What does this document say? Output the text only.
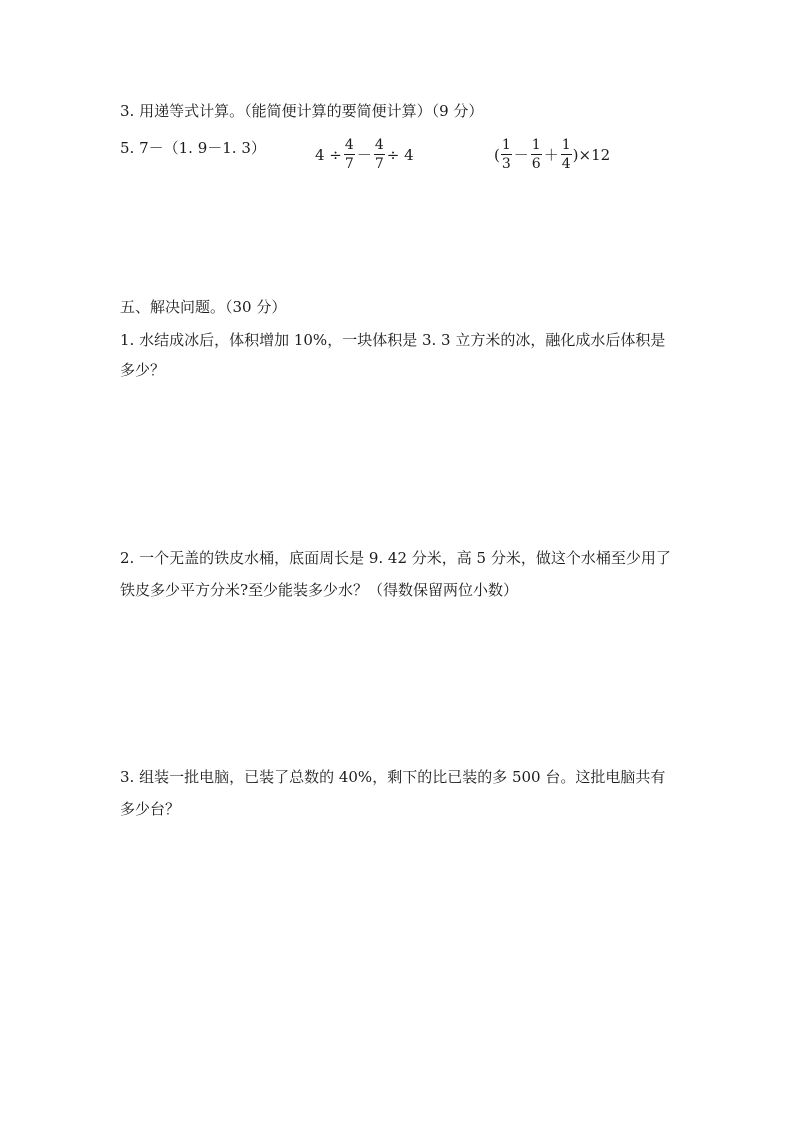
3. 用递等式计算。（能简便计算的要简便计算）（9 分）
5. 7－（1. 9－1. 3）	$4 \div \frac{4}{7} - \frac{4}{7} \div 4$	( $\frac{1}{3} - \frac{1}{6} + \frac{1}{4} )\times 12$
五、解决问题。（30 分）
1. 水结成冰后，体积增加 10%，一块体积是 3. 3 立方米的冰，融化成水后体积是
多少？
2. 一个无盖的铁皮水桶，底面周长是 9. 42 分米，高 5 分米，做这个水桶至少用了
铁皮多少平方分米?至少能装多少水？（得数保留两位小数）
3. 组装一批电脑，已装了总数的 40%，剩下的比已装的多 500 台。这批电脑共有
多少台？
